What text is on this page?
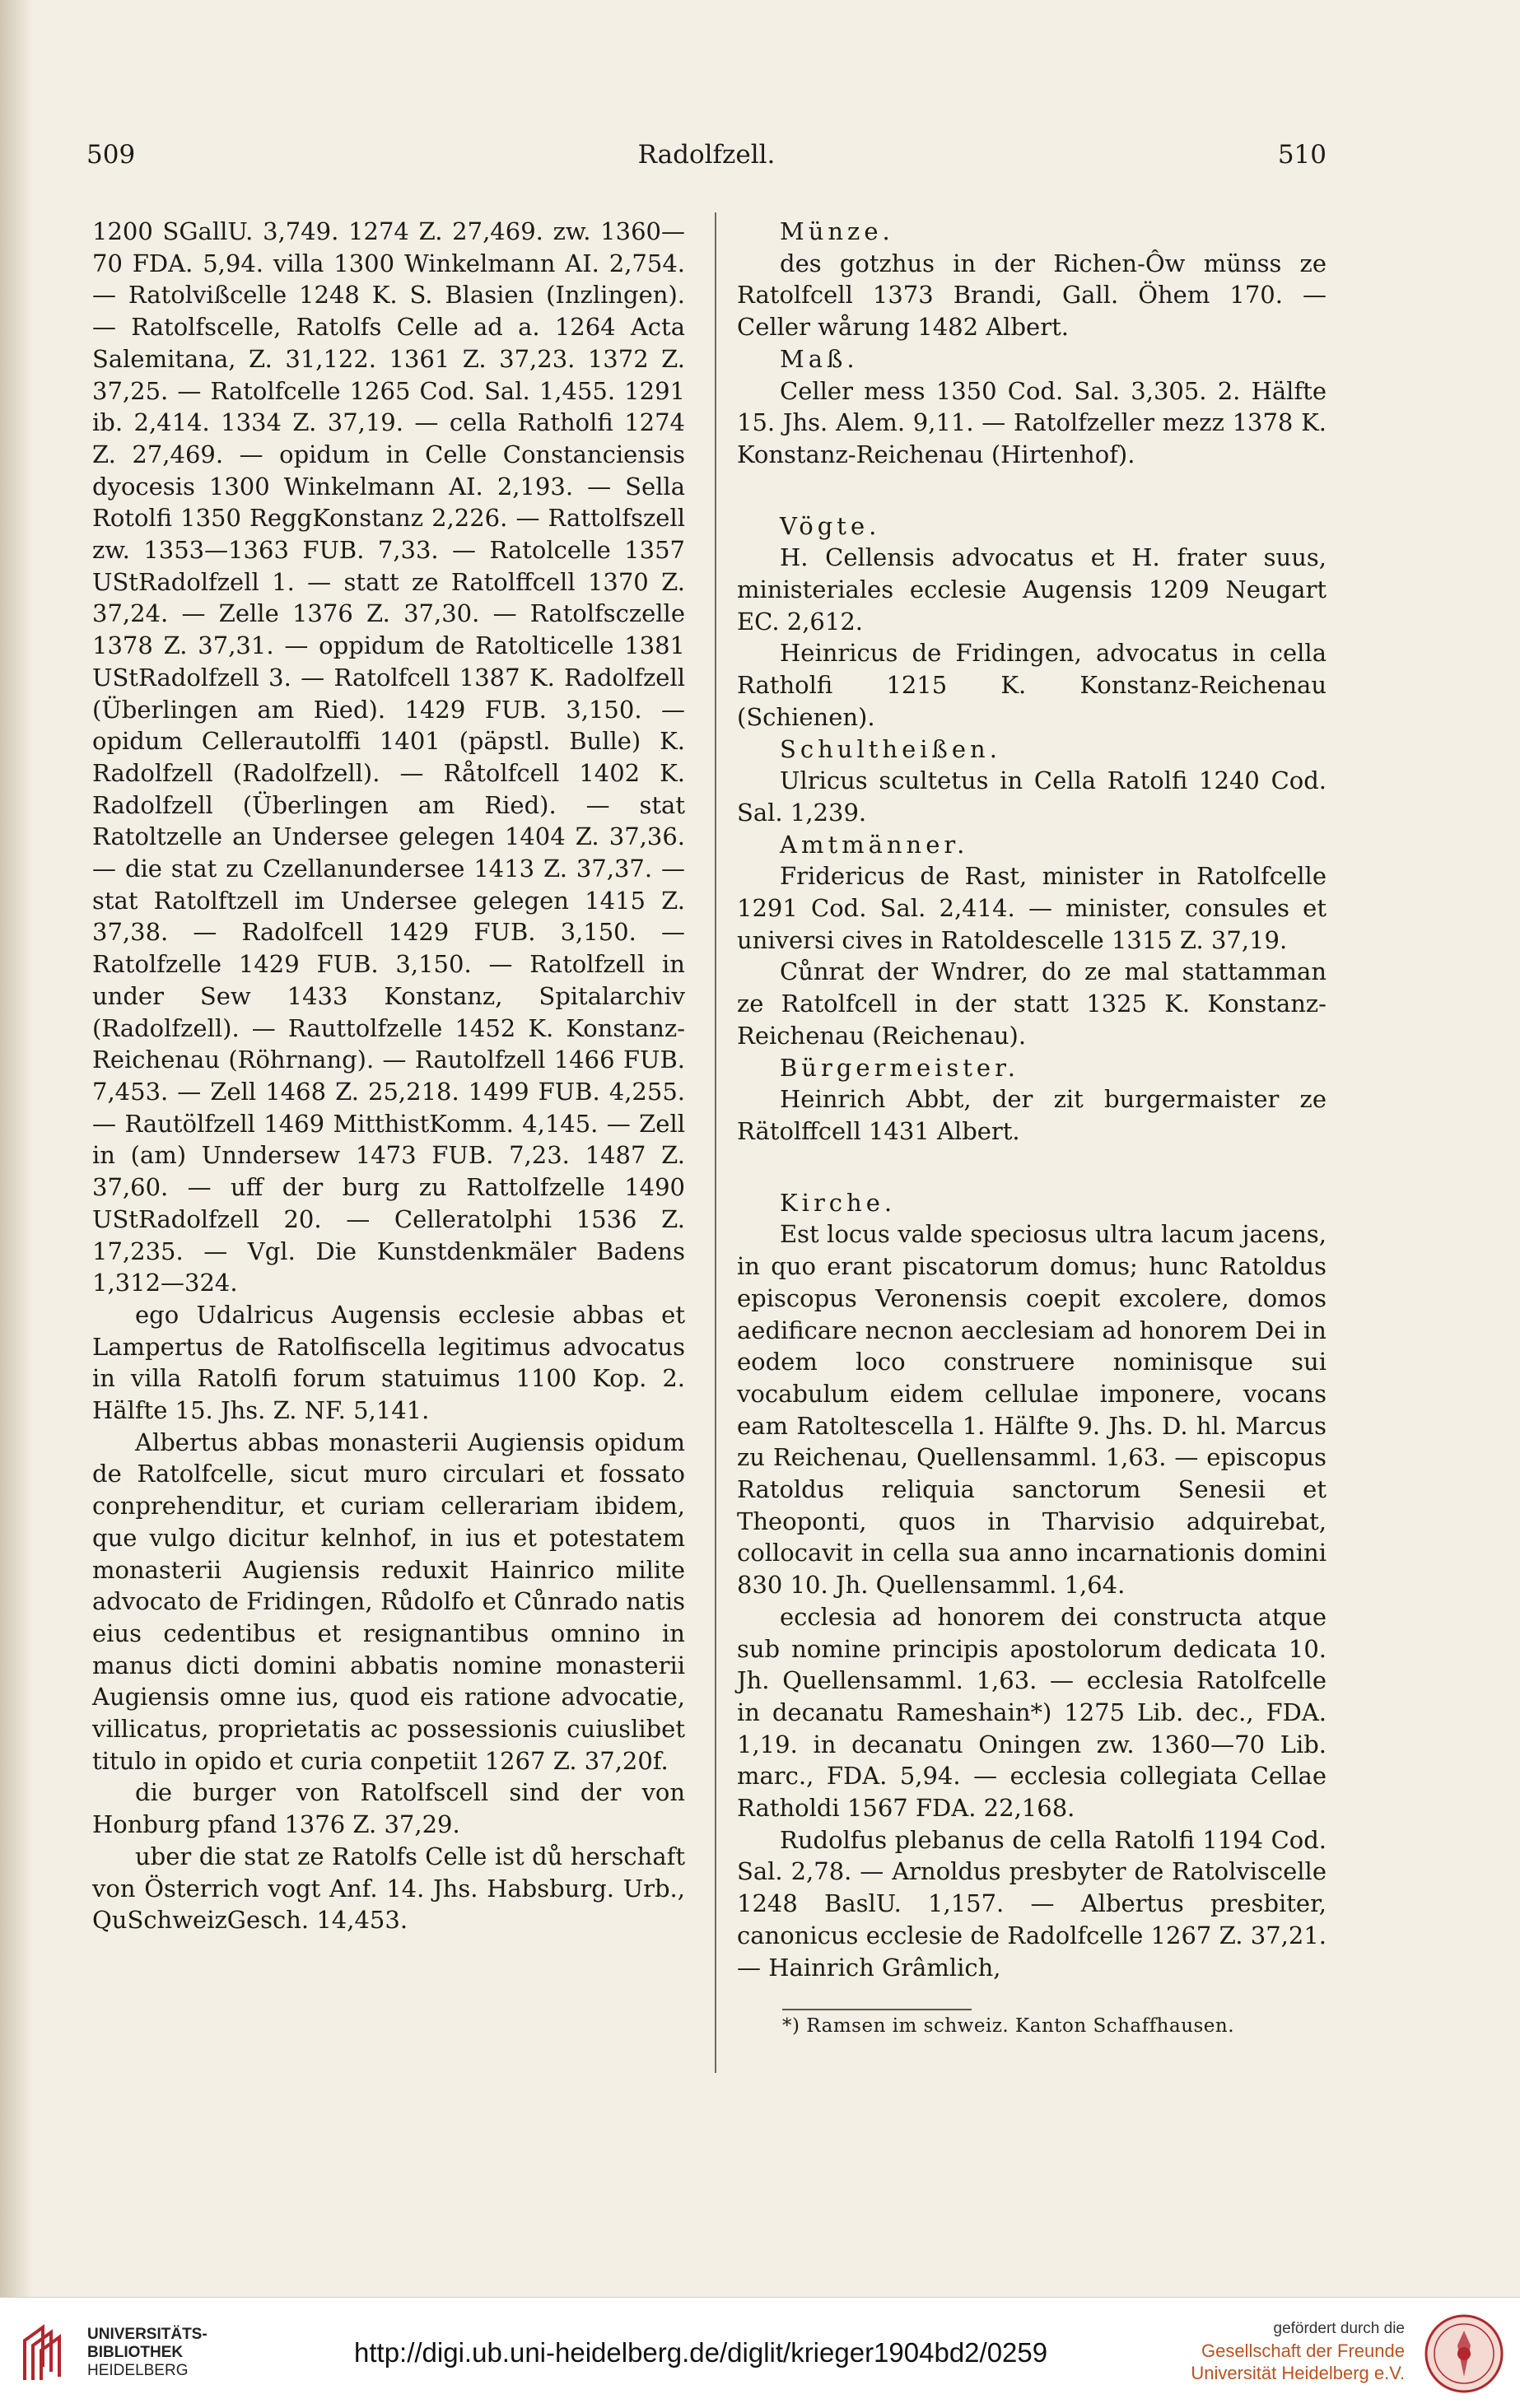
509	Radolfzell.	510

1200 SGallU. 3,749. 1274 Z. 27,469. zw. 1360—70 FDA. 5,94. villa 1300 Winkelmann AI. 2,754. — Ratolvißcelle 1248 K. S. Blasien (Inzlingen). — Ratolfscelle, Ratolfs Celle ad a. 1264 Acta Salemitana, Z. 31,122. 1361 Z. 37,23. 1372 Z. 37,25. — Ratolfcelle 1265 Cod. Sal. 1,455. 1291 ib. 2,414. 1334 Z. 37,19. — cella Ratholfi 1274 Z. 27,469. — opidum in Celle Constanciensis dyocesis 1300 Winkelmann AI. 2,193. — Sella Rotolfi 1350 ReggKonstanz 2,226. — Rattolfszell zw. 1353—1363 FUB. 7,33. — Ratolcelle 1357 UStRadolfzell 1. — statt ze Ratolffcell 1370 Z. 37,24. — Zelle 1376 Z. 37,30. — Ratolfsczelle 1378 Z. 37,31. — oppidum de Ratolticelle 1381 UStRadolfzell 3. — Ratolfcell 1387 K. Radolfzell (Überlingen am Ried). 1429 FUB. 3,150. — opidum Cellerautolffi 1401 (päpstl. Bulle) K. Radolfzell (Radolfzell). — Råtolfcell 1402 K. Radolfzell (Überlingen am Ried). — stat Ratoltzelle an Undersee gelegen 1404 Z. 37,36. — die stat zu Czellanundersee 1413 Z. 37,37. — stat Ratolftzell im Undersee gelegen 1415 Z. 37,38. — Radolfcell 1429 FUB. 3,150. — Ratolfzelle 1429 FUB. 3,150. — Ratolfzell in under Sew 1433 Konstanz, Spitalarchiv (Radolfzell). — Rauttolfzelle 1452 K. Konstanz-Reichenau (Röhrnang). — Rautolfzell 1466 FUB. 7,453. — Zell 1468 Z. 25,218. 1499 FUB. 4,255. — Rautölfzell 1469 MitthistKomm. 4,145. — Zell in (am) Unndersew 1473 FUB. 7,23. 1487 Z. 37,60. — uff der burg zu Rattolfzelle 1490 UStRadolfzell 20. — Celleratolphi 1536 Z. 17,235. — Vgl. Die Kunstdenkmäler Badens 1,312—324.

ego Udalricus Augensis ecclesie abbas et Lampertus de Ratolfiscella legitimus advocatus in villa Ratolfi forum statuimus 1100 Kop. 2. Hälfte 15. Jhs. Z. NF. 5,141.

Albertus abbas monasterii Augiensis opidum de Ratolfcelle, sicut muro circulari et fossato conprehenditur, et curiam cellerariam ibidem, que vulgo dicitur kelnhof, in ius et potestatem monasterii Augiensis reduxit Hainrico milite advocato de Fridingen, Růdolfo et Cůnrado natis eius cedentibus et resignantibus omnino in manus dicti domini abbatis nomine monasterii Augiensis omne ius, quod eis ratione advocatie, villicatus, proprietatis ac possessionis cuiuslibet titulo in opido et curia conpetiit 1267 Z. 37,20f.

die burger von Ratolfscell sind der von Honburg pfand 1376 Z. 37,29.

uber die stat ze Ratolfs Celle ist dů herschaft von Österrich vogt Anf. 14. Jhs. Habsburg. Urb., QuSchweizGesch. 14,453.

Münze.

des gotzhus in der Richen-Ôw münss ze Ratolfcell 1373 Brandi, Gall. Öhem 170. — Celler wårung 1482 Albert.

Maß.

Celler mess 1350 Cod. Sal. 3,305. 2. Hälfte 15. Jhs. Alem. 9,11. — Ratolfzeller mezz 1378 K. Konstanz-Reichenau (Hirtenhof).

Vögte.

H. Cellensis advocatus et H. frater suus, ministeriales ecclesie Augensis 1209 Neugart EC. 2,612.

Heinricus de Fridingen, advocatus in cella Ratholfi 1215 K. Konstanz-Reichenau (Schienen).

Schultheißen.

Ulricus scultetus in Cella Ratolfi 1240 Cod. Sal. 1,239.

Amtmänner.

Fridericus de Rast, minister in Ratolfcelle 1291 Cod. Sal. 2,414. — minister, consules et universi cives in Ratoldescelle 1315 Z. 37,19.

Cůnrat der Wndrer, do ze mal stattamman ze Ratolfcell in der statt 1325 K. Konstanz-Reichenau (Reichenau).

Bürgermeister.

Heinrich Abbt, der zit burgermaister ze Rätolffcell 1431 Albert.

Kirche.

Est locus valde speciosus ultra lacum jacens, in quo erant piscatorum domus; hunc Ratoldus episcopus Veronensis coepit excolere, domos aedificare necnon aecclesiam ad honorem Dei in eodem loco construere nominisque sui vocabulum eidem cellulae imponere, vocans eam Ratoltescella 1. Hälfte 9. Jhs. D. hl. Marcus zu Reichenau, Quellensamml. 1,63. — episcopus Ratoldus reliquia sanctorum Senesii et Theoponti, quos in Tharvisio adquirebat, collocavit in cella sua anno incarnationis domini 830 10. Jh. Quellensamml. 1,64.

ecclesia ad honorem dei constructa atque sub nomine principis apostolorum dedicata 10. Jh. Quellensamml. 1,63. — ecclesia Ratolfcelle in decanatu Rameshain*) 1275 Lib. dec., FDA. 1,19. in decanatu Oningen zw. 1360—70 Lib. marc., FDA. 5,94. — ecclesia collegiata Cellae Ratholdi 1567 FDA. 22,168.

Rudolfus plebanus de cella Ratolfi 1194 Cod. Sal. 2,78. — Arnoldus presbyter de Ratolviscelle 1248 BaslU. 1,157. — Albertus presbiter, canonicus ecclesie de Radolfcelle 1267 Z. 37,21. — Hainrich Grâmlich,

*) Ramsen im schweiz. Kanton Schaffhausen.
UNIVERSITÄTS-
BIBLIOTHEK
HEIDELBERG
http://digi.ub.uni-heidelberg.de/diglit/krieger1904bd2/0259
gefördert durch die
Gesellschaft der Freunde
Universität Heidelberg e.V.
